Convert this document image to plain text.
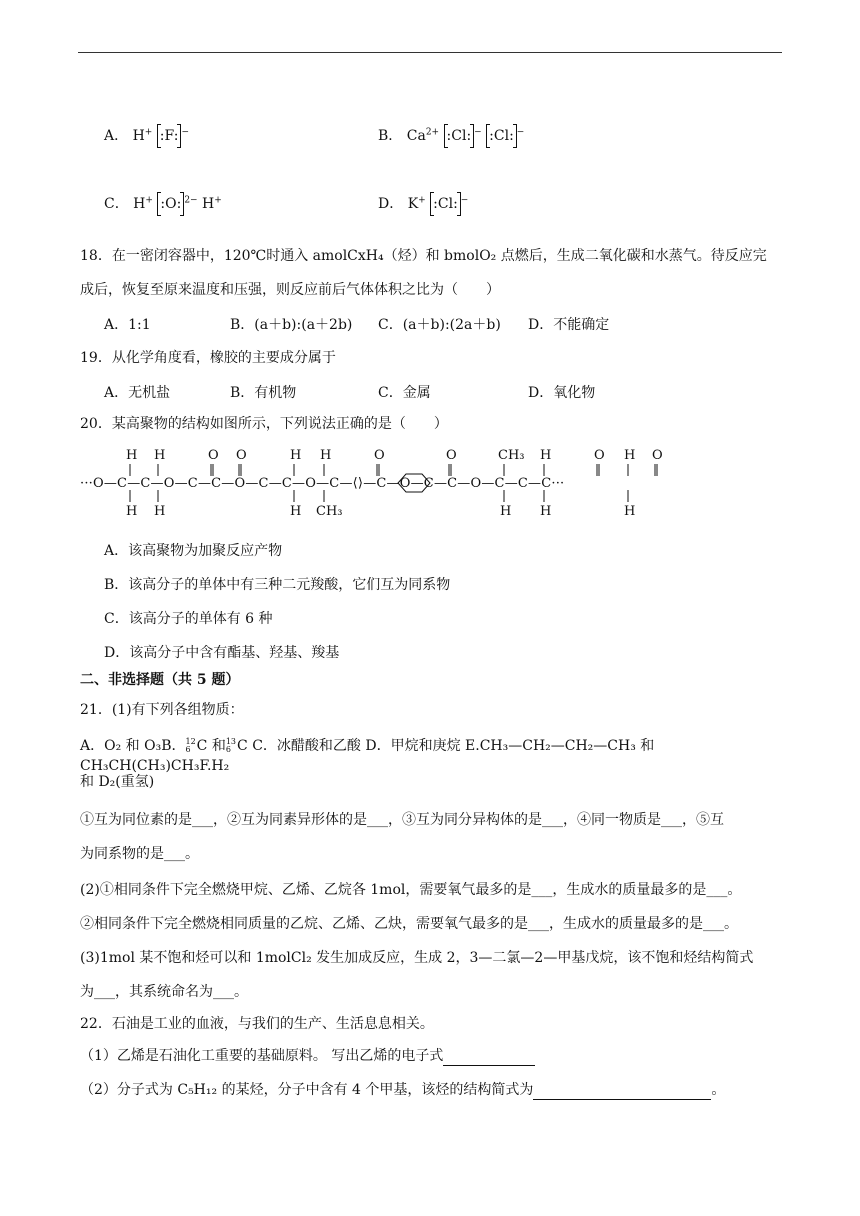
A． H+ :F: −	B． $Ca^{2+}$ :Cl: − :Cl: −
C． H+ :O: $^{2-}$ H+	D． K+ :Cl: −
18．在一密闭容器中，120℃时通入 amolCxH₄（烃）和 bmolO₂ 点燃后，生成二氧化碳和水蒸气。待反应完
成后，恢复至原来温度和压强，则反应前后气体体积之比为（　　）
A．1:1	B．(a＋b):(a＋2b) C．(a＋b):(2a＋b) D．不能确定
19．从化学角度看，橡胶的主要成分属于
A．无机盐	B．有机物	C．金属	D．氧化物
20．某高聚物的结构如图所示，下列说法正确的是（　　）
H H	O O	H H	O	O	CH₃ H	O H O
···O—C—C—O—C—C—O—C—C—O—C—⟨⟩—C—O—C—C—O—C—C—C···
H H	H CH₃	H H	H
A．该高聚物为加聚反应产物
B．该高分子的单体中有三种二元羧酸，它们互为同系物
C．该高分子的单体有 6 种
D．该高分子中含有酯基、羟基、羧基
二、非选择题（共 5 题）
21．(1)有下列各组物质：
A．O₂ 和 O₃B． 12
6 C 和 13
6 C C．冰醋酸和乙酸 D．甲烷和庚烷 E.CH₃—CH₂—CH₂—CH₃ 和 CH₃CH(CH₃)CH₃F.H₂
和 D₂(重氢)
①互为同位素的是___，②互为同素异形体的是___，③互为同分异构体的是___，④同一物质是___，⑤互
为同系物的是___。
(2)①相同条件下完全燃烧甲烷、乙烯、乙烷各 1mol，需要氧气最多的是___，生成水的质量最多的是___。
②相同条件下完全燃烧相同质量的乙烷、乙烯、乙炔，需要氧气最多的是___，生成水的质量最多的是___。
(3)1mol 某不饱和烃可以和 1molCl₂ 发生加成反应，生成 2，3—二氯—2—甲基戊烷，该不饱和烃结构简式
为___，其系统命名为___。
22．石油是工业的血液，与我们的生产、生活息息相关。
（1）乙烯是石油化工重要的基础原料。 写出乙烯的电子式
（2）分子式为 C₅H₁₂ 的某烃，分子中含有 4 个甲基，该烃的结构简式为	。
